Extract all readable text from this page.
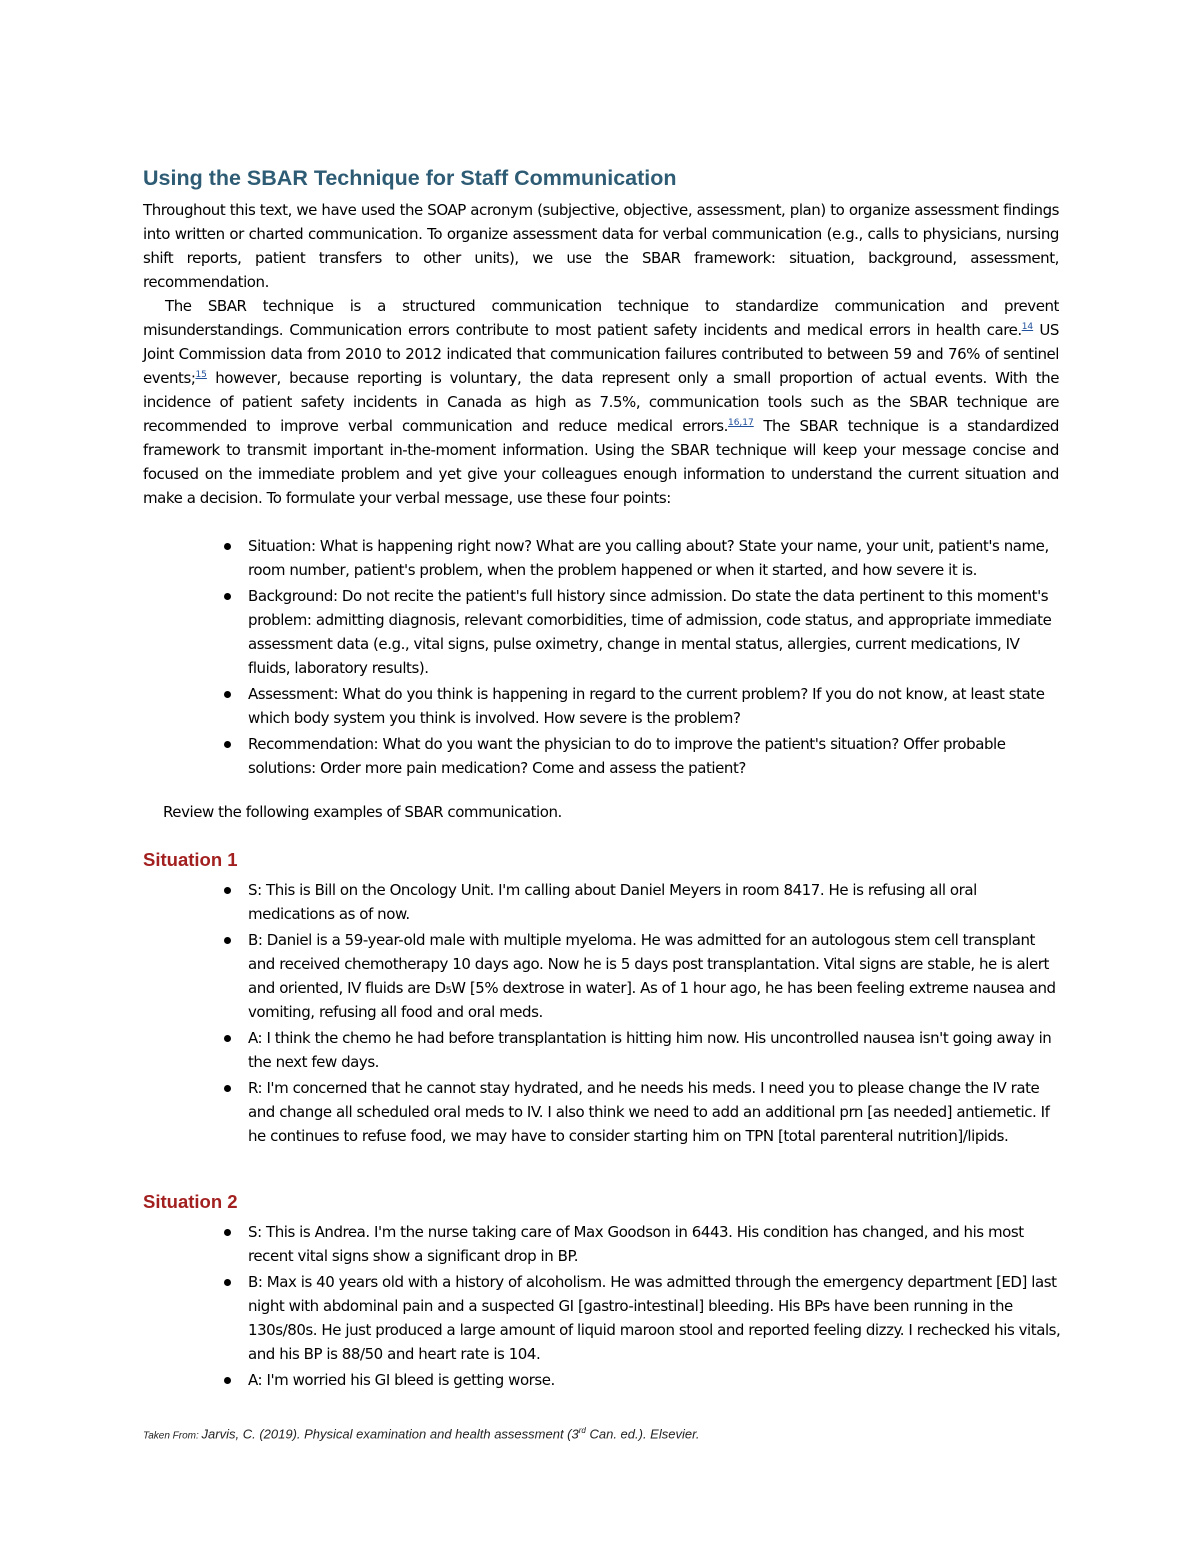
Using the SBAR Technique for Staff Communication
Throughout this text, we have used the SOAP acronym (subjective, objective, assessment, plan) to organize assessment findings into written or charted communication. To organize assessment data for verbal communication (e.g., calls to physicians, nursing shift reports, patient transfers to other units), we use the SBAR framework: situation, background, assessment, recommendation.
The SBAR technique is a structured communication technique to standardize communication and prevent misunderstandings. Communication errors contribute to most patient safety incidents and medical errors in health care.$^{14}$ US Joint Commission data from 2010 to 2012 indicated that communication failures contributed to between 59 and 76% of sentinel events;$^{15}$ however, because reporting is voluntary, the data represent only a small proportion of actual events. With the incidence of patient safety incidents in Canada as high as 7.5%, communication tools such as the SBAR technique are recommended to improve verbal communication and reduce medical errors.$^{16,17}$ The SBAR technique is a standardized framework to transmit important in-the-moment information. Using the SBAR technique will keep your message concise and focused on the immediate problem and yet give your colleagues enough information to understand the current situation and make a decision. To formulate your verbal message, use these four points:
Situation: What is happening right now? What are you calling about? State your name, your unit, patient's name, room number, patient's problem, when the problem happened or when it started, and how severe it is.
Background: Do not recite the patient's full history since admission. Do state the data pertinent to this moment's problem: admitting diagnosis, relevant comorbidities, time of admission, code status, and appropriate immediate assessment data (e.g., vital signs, pulse oximetry, change in mental status, allergies, current medications, IV fluids, laboratory results).
Assessment: What do you think is happening in regard to the current problem? If you do not know, at least state which body system you think is involved. How severe is the problem?
Recommendation: What do you want the physician to do to improve the patient's situation? Offer probable solutions: Order more pain medication? Come and assess the patient?
Review the following examples of SBAR communication.
Situation 1
S: This is Bill on the Oncology Unit. I'm calling about Daniel Meyers in room 8417. He is refusing all oral medications as of now.
B: Daniel is a 59-year-old male with multiple myeloma. He was admitted for an autologous stem cell transplant and received chemotherapy 10 days ago. Now he is 5 days post transplantation. Vital signs are stable, he is alert and oriented, IV fluids are D₅W [5% dextrose in water]. As of 1 hour ago, he has been feeling extreme nausea and vomiting, refusing all food and oral meds.
A: I think the chemo he had before transplantation is hitting him now. His uncontrolled nausea isn't going away in the next few days.
R: I'm concerned that he cannot stay hydrated, and he needs his meds. I need you to please change the IV rate and change all scheduled oral meds to IV. I also think we need to add an additional prn [as needed] antiemetic. If he continues to refuse food, we may have to consider starting him on TPN [total parenteral nutrition]/lipids.
Situation 2
S: This is Andrea. I'm the nurse taking care of Max Goodson in 6443. His condition has changed, and his most recent vital signs show a significant drop in BP.
B: Max is 40 years old with a history of alcoholism. He was admitted through the emergency department [ED] last night with abdominal pain and a suspected GI [gastro-intestinal] bleeding. His BPs have been running in the 130s/80s. He just produced a large amount of liquid maroon stool and reported feeling dizzy. I rechecked his vitals, and his BP is 88/50 and heart rate is 104.
A: I'm worried his GI bleed is getting worse.
Taken From: Jarvis, C. (2019). Physical examination and health assessment (3rd Can. ed.). Elsevier.
